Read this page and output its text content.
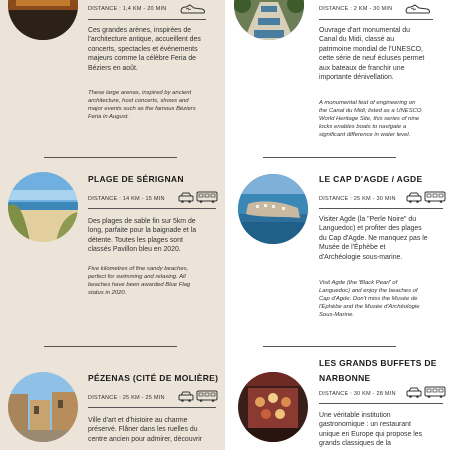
DISTANCE : 1,4 KM - 20 MIN
Ces grandes arènes, inspirées de
l'architecture antique, accueillent des
concerts, spectacles et événements
majeurs comme la célèbre Feria de
Béziers en août.
These large arenas, inspired by ancient
architecture, host concerts, shows and
major events such as the famous Béziers
Feria in August.
PLAGE DE SÉRIGNAN
DISTANCE : 14 KM - 15 MIN
Des plages de sable fin sur 5km de
long, parfaite pour la baignade et la
détente. Toutes les plages sont
classés Pavillon bleu en 2020.
Five kilometres of fine sandy beaches,
perfect for swimming and relaxing. All
beaches have been awarded Blue Flag
status in 2020.
PÉZENAS (CITÉ DE MOLIÈRE)
DISTANCE : 25 KM - 25 MIN
Ville d'art et d'histoire au charme
préservé. Flâner dans les ruelles du
centre ancien pour admirer, découvrir
DISTANCE : 2 KM - 30 MIN
Ouvrage d'art monumental du
Canal du Midi, classé au
patrimoine mondial de l'UNESCO,
cette série de neuf écluses permet
aux bateaux de franchir une
importante dénivellation.
A monumental feat of engineering on
the Canal du Midi, listed as a UNESCO
World Heritage Site, this series of nine
locks enables boats to navigate a
significant difference in water level.
LE CAP D'AGDE / AGDE
DISTANCE : 25 KM - 30 MIN
Visiter Agde (la "Perle Noire" du
Languedoc) et profiter des plages
du Cap d'Agde. Ne manquez pas le
Musée de l'Éphèbe et
d'Archéologie sous-marine.
Visit Agde (the 'Black Pearl' of
Languedoc) and enjoy the beaches of
Cap d'Agde. Don't miss the Musée de
l'Éphèbe and the Musée d'Archéologie
Sous-Marine.
LES GRANDS BUFFETS DE
NARBONNE
DISTANCE : 30 KM - 28 MIN
Une véritable institution
gastronomique : un restaurant
unique en Europe qui propose les
grands classiques de la
